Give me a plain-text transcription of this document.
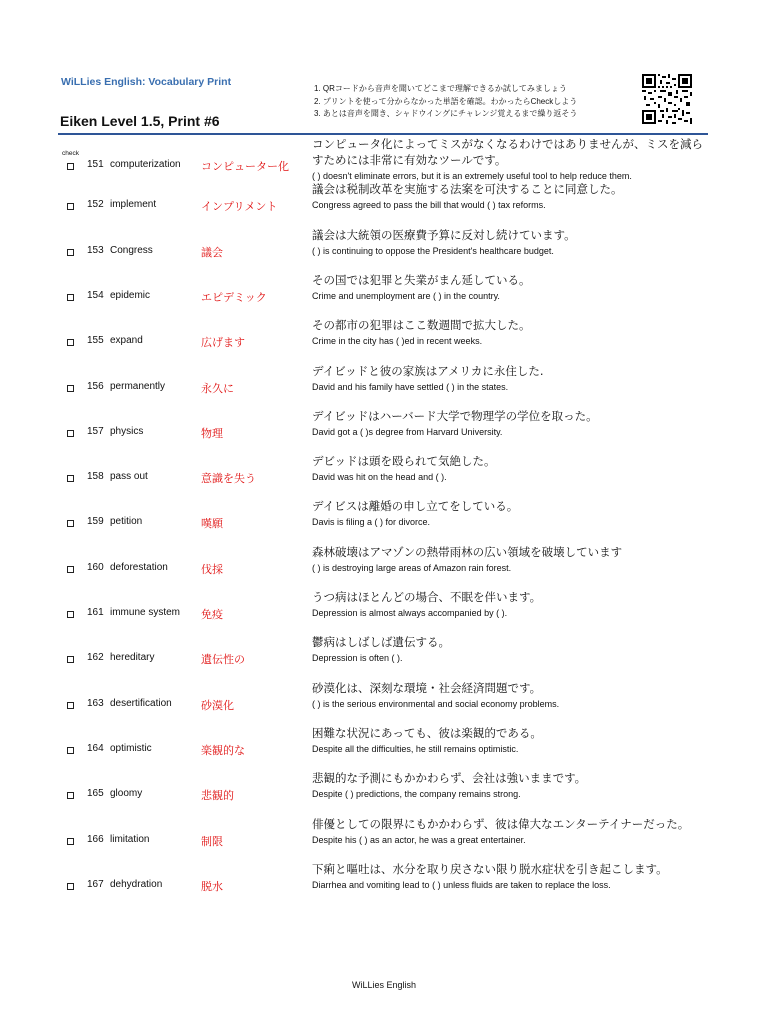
WiLLies English: Vocabulary Print
Eiken Level 1.5, Print #6
1. QRコードから音声を聞いてどこまで理解できるか試してみましょう
2. プリントを使って分からなかった単語を確認。わかったらCheckしよう
3. あとは音声を聞き、シャドウイングにチャレンジ覚えるまで繰り返そう
check
151 computerization コンピューター化
コンピュータ化によってミスがなくなるわけではありませんが、ミスを減らすためには非常に有効なツールです。
( ) doesn't eliminate errors, but it is an extremely useful tool to help reduce them.
152 implement	インプリメント
議会は税制改革を実施する法案を可決することに同意した。
Congress agreed to pass the bill that would ( ) tax reforms.
153 Congress	議会
議会は大統領の医療費予算に反対し続けています。
( ) is continuing to oppose the President's healthcare budget.
154 epidemic	エピデミック
その国では犯罪と失業がまん延している。
Crime and unemployment are ( ) in the country.
155 expand	広げます
その都市の犯罪はここ数週間で拡大した。
Crime in the city has ( )ed in recent weeks.
156 permanently	永久に
デイビッドと彼の家族はアメリカに永住した.
David and his family have settled ( ) in the states.
157 physics	物理
デイビッドはハーバード大学で物理学の学位を取った。
David got a ( )s degree from Harvard University.
158 pass out	意識を失う
デビッドは頭を殴られて気絶した。
David was hit on the head and ( ).
159 petition	嘆願
デイビスは離婚の申し立てをしている。
Davis is filing a ( ) for divorce.
160 deforestation	伐採
森林破壊はアマゾンの熱帯雨林の広い領域を破壊しています
( ) is destroying large areas of Amazon rain forest.
161 immune system 免疫
うつ病はほとんどの場合、不眠を伴います。
Depression is almost always accompanied by ( ).
162 hereditary	遺伝性の
鬱病はしばしば遺伝する。
Depression is often ( ).
163 desertification	砂漠化
砂漠化は、深刻な環境・社会経済問題です。
( ) is the serious environmental and social economy problems.
164 optimistic	楽観的な
困難な状況にあっても、彼は楽観的である。
Despite all the difficulties, he still remains optimistic.
165 gloomy	悲観的
悲観的な予測にもかかわらず、会社は強いままです。
Despite ( ) predictions, the company remains strong.
166 limitation	制限
俳優としての限界にもかかわらず、彼は偉大なエンターテイナーだった。
Despite his ( ) as an actor, he was a great entertainer.
167 dehydration	脱水
下痢と嘔吐は、水分を取り戻さない限り脱水症状を引き起こします。
Diarrhea and vomiting lead to ( ) unless fluids are taken to replace the loss.
WiLLies English
